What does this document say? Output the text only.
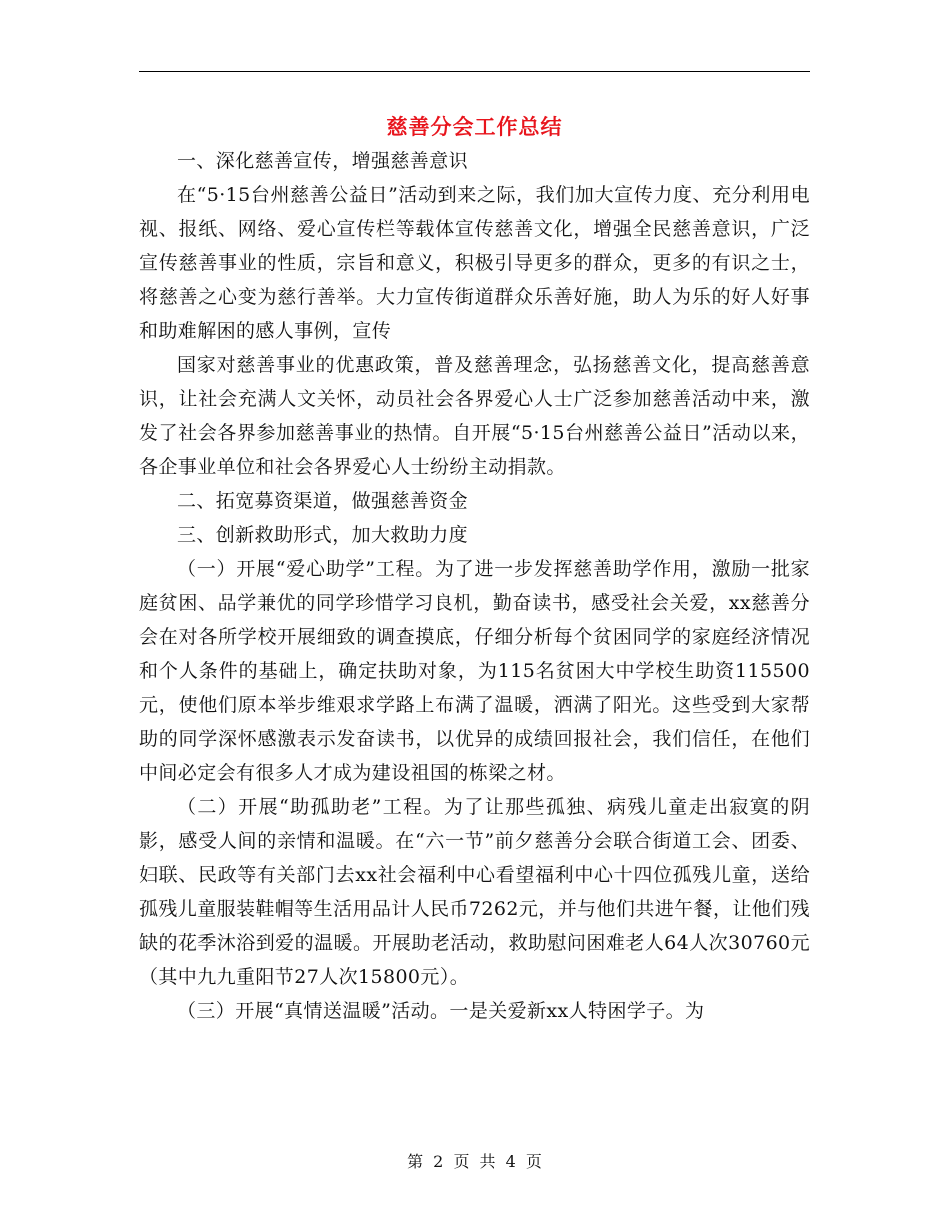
慈善分会工作总结

一、深化慈善宣传，增强慈善意识

在“5·15台州慈善公益日”活动到来之际，我们加大宣传力度、充分利用电视、报纸、网络、爱心宣传栏等载体宣传慈善文化，增强全民慈善意识，广泛宣传慈善事业的性质，宗旨和意义，积极引导更多的群众，更多的有识之士，将慈善之心变为慈行善举。大力宣传街道群众乐善好施，助人为乐的好人好事和助难解困的感人事例，宣传

国家对慈善事业的优惠政策，普及慈善理念，弘扬慈善文化，提高慈善意识，让社会充满人文关怀，动员社会各界爱心人士广泛参加慈善活动中来，激发了社会各界参加慈善事业的热情。自开展“5·15台州慈善公益日”活动以来，各企事业单位和社会各界爱心人士纷纷主动捐款。

二、拓宽募资渠道，做强慈善资金

三、创新救助形式，加大救助力度

（一）开展“爱心助学”工程。为了进一步发挥慈善助学作用，激励一批家庭贫困、品学兼优的同学珍惜学习良机，勤奋读书，感受社会关爱，xx慈善分会在对各所学校开展细致的调查摸底，仔细分析每个贫困同学的家庭经济情况和个人条件的基础上，确定扶助对象，为115名贫困大中学校生助资115500元，使他们原本举步维艰求学路上布满了温暖，洒满了阳光。这些受到大家帮助的同学深怀感激表示发奋读书，以优异的成绩回报社会，我们信任，在他们中间必定会有很多人才成为建设祖国的栋梁之材。

（二）开展“助孤助老”工程。为了让那些孤独、病残儿童走出寂寞的阴影，感受人间的亲情和温暖。在“六一节”前夕慈善分会联合街道工会、团委、妇联、民政等有关部门去xx社会福利中心看望福利中心十四位孤残儿童，送给孤残儿童服装鞋帽等生活用品计人民币7262元，并与他们共进午餐，让他们残缺的花季沐浴到爱的温暖。开展助老活动，救助慰问困难老人64人次30760元（其中九九重阳节27人次15800元）。

（三）开展“真情送温暖”活动。一是关爱新xx人特困学子。为

第 2 页 共 4 页
